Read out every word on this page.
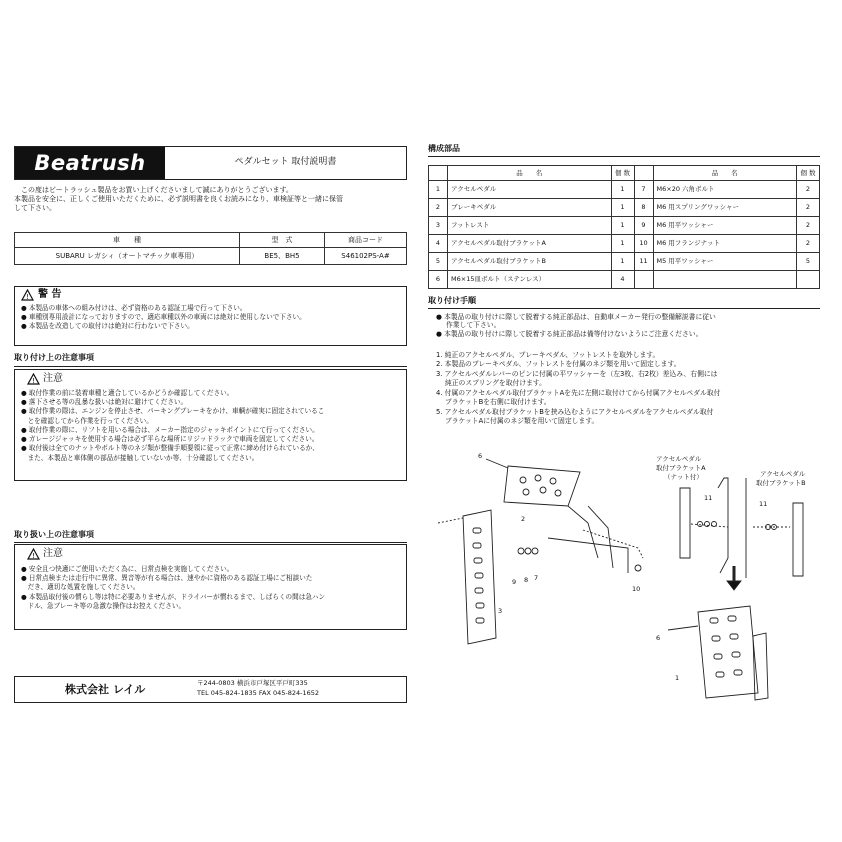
Beatrush	ペダルセット 取付説明書
この度はビートラッシュ製品をお買い上げくださいまして誠にありがとうございます。
本製品を安全に、正しくご使用いただくために、必ず説明書を良くお読みになり、車検証等と一緒に保管
して下さい。
車　　種	型　式	商品コード
SUBARU レガシィ（オートマチック車専用）	BE5、BH5	S46102PS-A#
! 警 告
● 本製品の車体への組み付けは、必ず資格のある認証工場で行って下さい。
● 車種別専用設計になっておりますので、適応車種以外の車両には絶対に使用しないで下さい。
● 本製品を改造しての取付けは絶対に行わないで下さい。
取り付け上の注意事項
! 注意
● 取付作業の前に装着車種と適合しているかどうか確認してください。
● 落下させる等の乱暴な扱いは絶対に避けてください。
● 取付作業の際は、エンジンを停止させ、パーキングブレーキをかけ、車輌が確実に固定されているこ
　とを確認してから作業を行ってください。
● 取付作業の際に、リフトを用いる場合は、メーカー指定のジャッキポイントにて行ってください。
● ガレージジャッキを使用する場合は必ず平らな場所にリジッドラックで車両を固定してください。
● 取付後は全てのナットやボルト等のネジ類が整備手順要領に従って正常に締め付けられているか、
　また、本製品と車体側の部品が接触していないか等、十分確認してください。
取り扱い上の注意事項
! 注意
● 安全且つ快適にご使用いただく為に、日常点検を実施してください。
● 日常点検または走行中に異常、異音等が有る場合は、速やかに資格のある認証工場にご相談いた
　だき、適切な処置を施してください。
● 本製品取付後の慣らし等は特に必要ありませんが、ドライバーが慣れるまで、しばらくの間は急ハン
　ドル、急ブレーキ等の急激な操作はお控えください。
株式会社 レイル	〒244-0803 横浜市戸塚区平戸町335
TEL 045-824-1835 FAX 045-824-1652
構成部品
	品　　名	個 数		品　　名	個 数
1	アクセルペダル	1	7	M6×20 六角ボルト	2
2	ブレーキペダル	1	8	M6 用スプリングワッシャー	2
3	フットレスト	1	9	M6 用平ワッシャー	2
4	アクセルペダル取付ブラケットA	1	10	M6 用フランジナット	2
5	アクセルペダル取付ブラケットB	1	11	M5 用平ワッシャー	5
6	M6×15皿ボルト（ステンレス）	4			
取り付け手順
● 本製品の取り付けに際して脱着する純正部品は、自動車メーカー発行の整備解説書に従い
作業して下さい。
● 本製品の取り付けに際して脱着する純正部品は備等付けないようにご注意ください。
1. 純正のアクセルペダル、ブレーキペダル、フットレストを取外します。
2. 本製品のブレーキペダル、フットレストを付属のネジ類を用いて固定します。
3. アクセルペダルレバーのピンに付属の平ワッシャーを（左3枚、右2枚）差込み、右側には
　 純正のスプリングを取付けます。
4. 付属のアクセルペダル取付ブラケットAを先に左側に取付けてから付属アクセルペダル取付
　 ブラケットBを右側に取付けます。
5. アクセルペダル取付ブラケットBを挟み込むようにアクセルペダルをアクセルペダル取付
　 ブラケットAに付属のネジ類を用いて固定します。
6
2
9 8 7
10
3
11
11
6
1
アクセルペダル
取付ブラケットA
（ナット付）	アクセルペダル
取付ブラケットB
